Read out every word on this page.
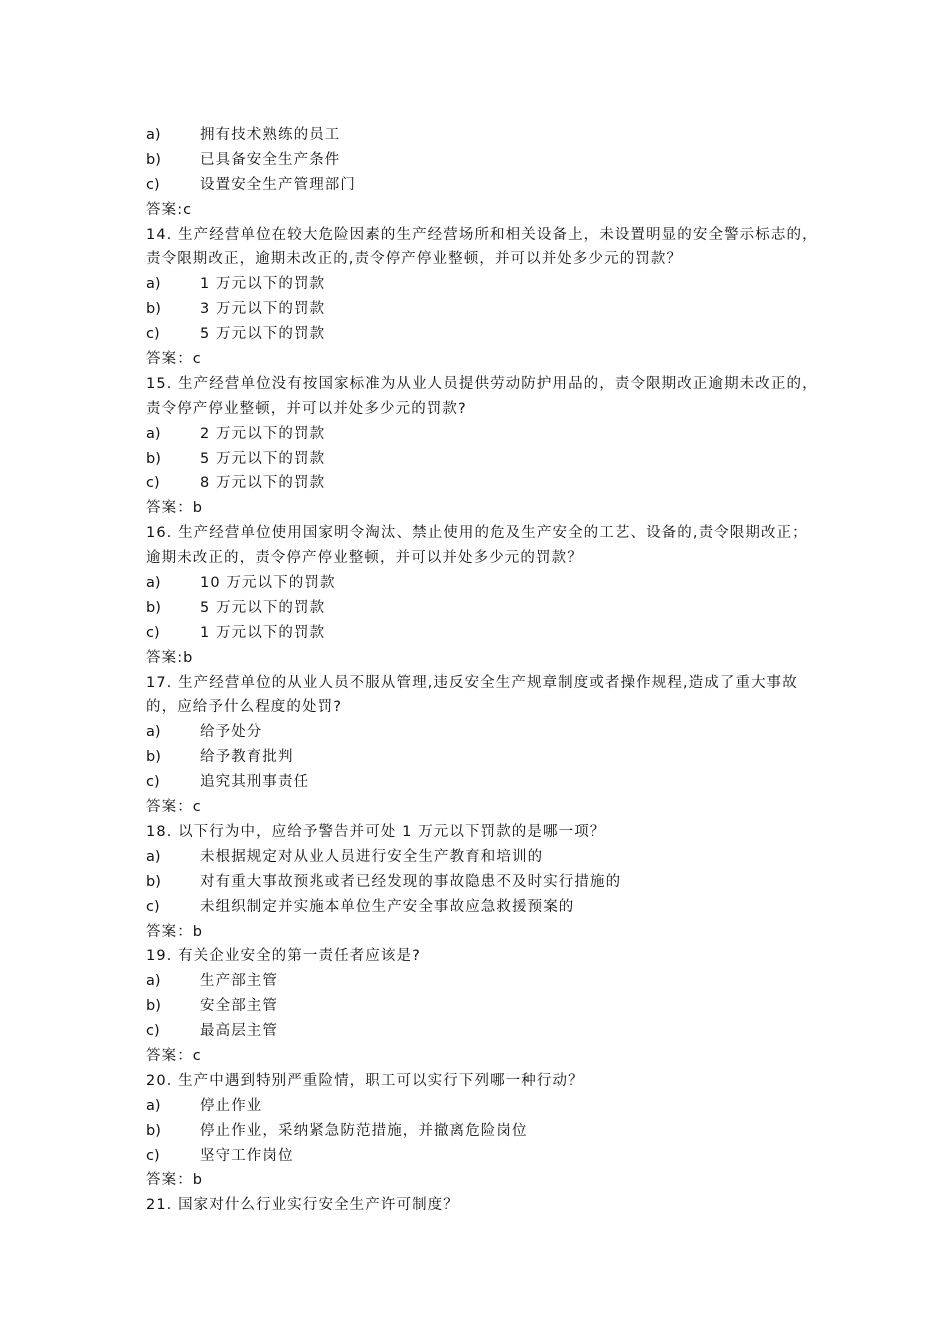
a)	拥有技术熟练的员工
b)	已具备安全生产条件
c)	设置安全生产管理部门
答案:c
14. 生产经营单位在较大危险因素的生产经营场所和相关设备上，未设置明显的安全警示标志的，
责令限期改正，逾期未改正的,责令停产停业整顿，并可以并处多少元的罚款？
a)	1 万元以下的罚款
b)	3 万元以下的罚款
c)	5 万元以下的罚款
答案：c
15. 生产经营单位没有按国家标准为从业人员提供劳动防护用品的，责令限期改正逾期未改正的，
责令停产停业整顿，并可以并处多少元的罚款?
a)	2 万元以下的罚款
b)	5 万元以下的罚款
c)	8 万元以下的罚款
答案：b
16. 生产经营单位使用国家明令淘汰、禁止使用的危及生产安全的工艺、设备的,责令限期改正；
逾期未改正的，责令停产停业整顿，并可以并处多少元的罚款？
a)	10 万元以下的罚款
b)	5 万元以下的罚款
c)	1 万元以下的罚款
答案:b
17. 生产经营单位的从业人员不服从管理,违反安全生产规章制度或者操作规程,造成了重大事故
的，应给予什么程度的处罚?
a)	给予处分
b)	给予教育批判
c)	追究其刑事责任
答案：c
18. 以下行为中，应给予警告并可处 1 万元以下罚款的是哪一项？
a)	未根据规定对从业人员进行安全生产教育和培训的
b)	对有重大事故预兆或者已经发现的事故隐患不及时实行措施的
c)	未组织制定并实施本单位生产安全事故应急救援预案的
答案：b
19. 有关企业安全的第一责任者应该是?
a)	生产部主管
b)	安全部主管
c)	最高层主管
答案：c
20. 生产中遇到特别严重险情，职工可以实行下列哪一种行动？
a)	停止作业
b)	停止作业，采纳紧急防范措施，并撤离危险岗位
c)	坚守工作岗位
答案：b
21. 国家对什么行业实行安全生产许可制度？
